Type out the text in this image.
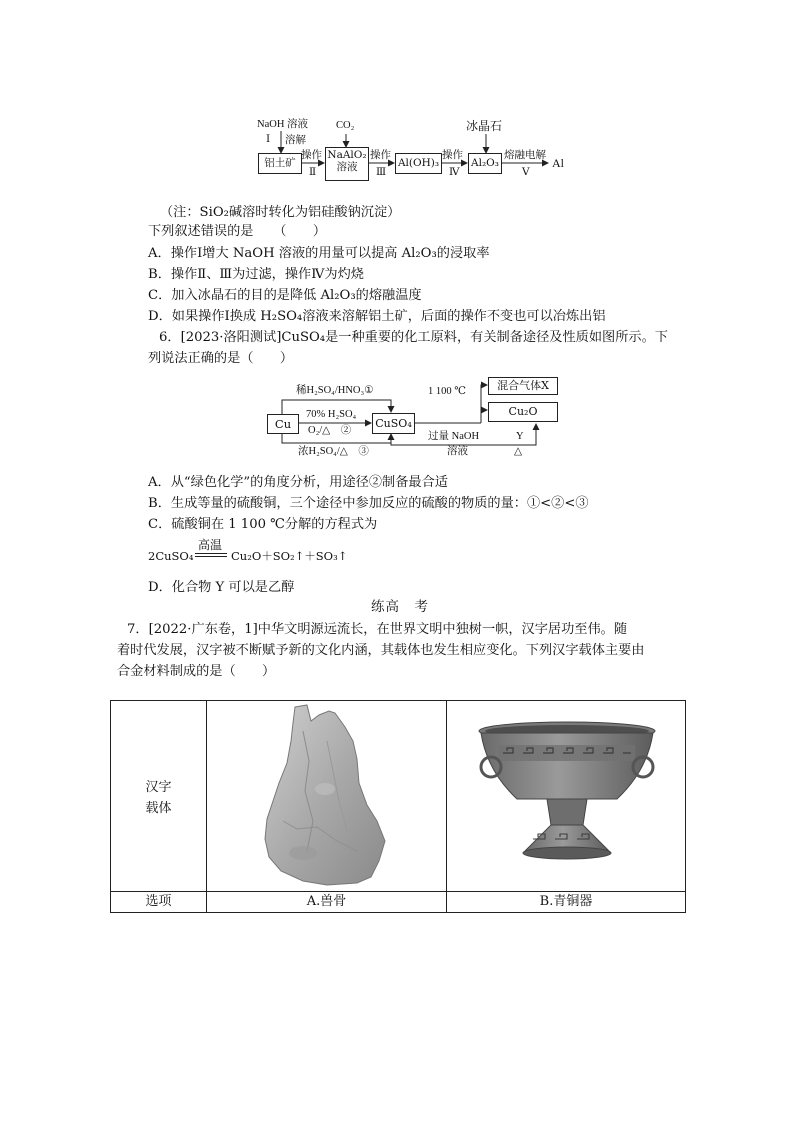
NaOH 溶液
Ⅰ 溶解
CO₂	冰晶石
铝土矿
NaAlO₂
溶液	Al(OH)₃	Al₂O₃
操作
Ⅱ
操作
Ⅲ
操作
Ⅳ
熔融电解
Ⅴ
Al
（注：SiO₂碱溶时转化为铝硅酸钠沉淀）
下列叙述错误的是　　（　　）
A．操作Ⅰ增大 NaOH 溶液的用量可以提高 Al₂O₃的浸取率
B．操作Ⅱ、Ⅲ为过滤，操作Ⅳ为灼烧
C．加入冰晶石的目的是降低 Al₂O₃的熔融温度
D．如果操作Ⅰ换成 H₂SO₄溶液来溶解铝土矿，后面的操作不变也可以冶炼出铝
6．[2023·洛阳测试]CuSO₄是一种重要的化工原料，有关制备途径及性质如图所示。下
列说法正确的是（　　）
Cu	CuSO₄
混合气体X
Cu₂O
稀H₂SO₄/HNO₃①
70% H₂SO₄
O₂/△　②
浓H₂SO₄/△　③
1 100 ℃
过量 NaOH
溶液
Y
△
A．从“绿色化学”的角度分析，用途径②制备最合适
B．生成等量的硫酸铜，三个途径中参加反应的硫酸的物质的量：①<②<③
C．硫酸铜在 1 100 ℃分解的方程式为
2CuSO₄
高温
Cu₂O＋SO₂↑＋SO₃↑
D．化合物 Y 可以是乙醇
练高　考
7．[2022·广东卷，1]中华文明源远流长，在世界文明中独树一帜，汉字居功至伟。随
着时代发展，汉字被不断赋予新的文化内涵，其载体也发生相应变化。下列汉字载体主要由
合金材料制成的是（　　）
汉字
载体

选项	A.兽骨	B.青铜器
